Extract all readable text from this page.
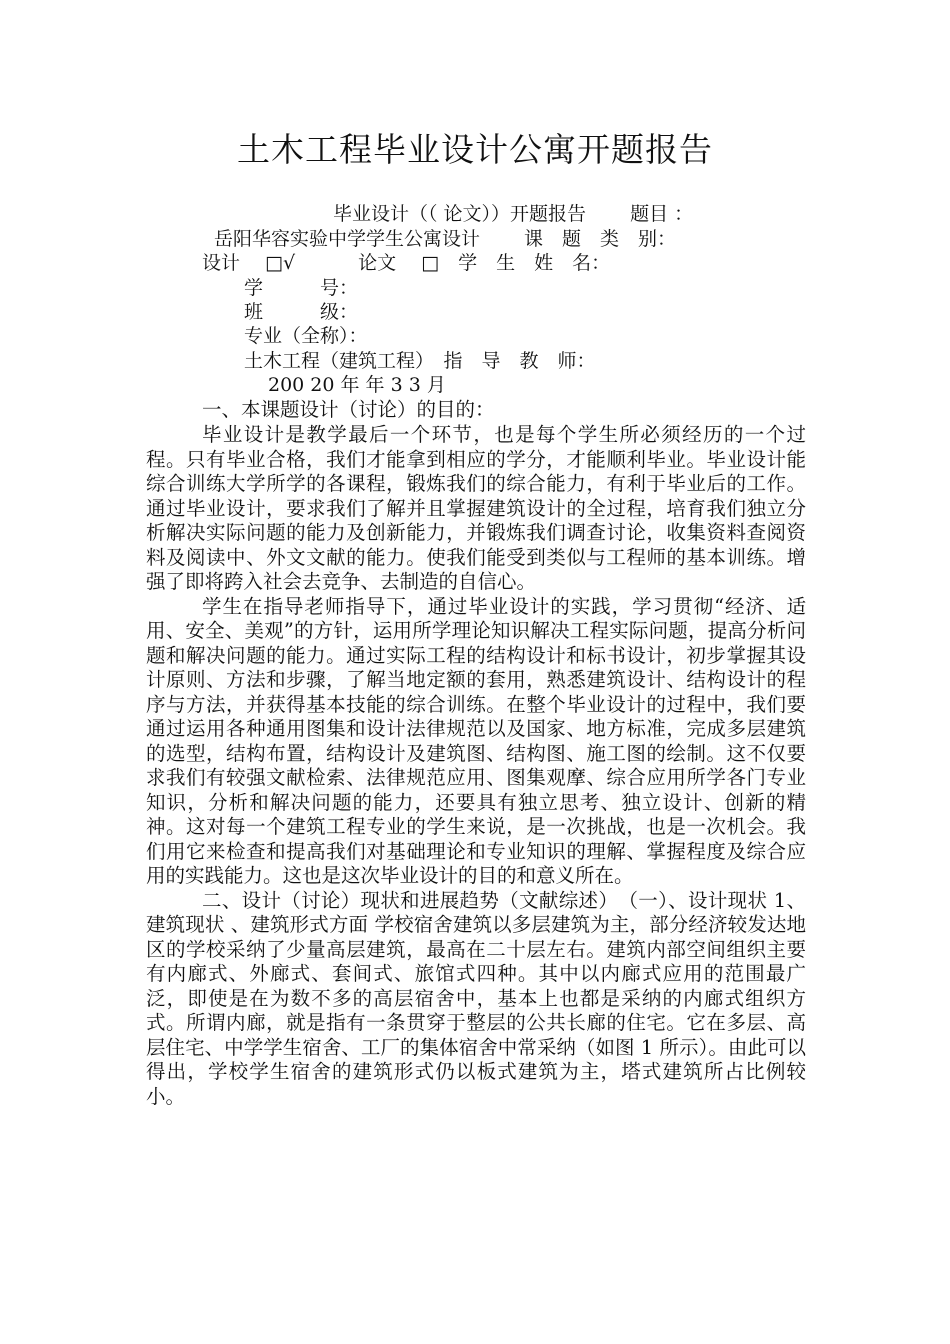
土木工程毕业设计公寓开题报告
毕业设计（（ 论文））开题报告 　　题目 ：
岳阳华容实验中学学生公寓设计 　　课　题　类　别：
设计 　□√ 　　　论文 　□　学　生　姓　名：
学　　　号：
班　　　级：
专业（全称）：
土木工程（建筑工程）　指　导　教　师：
200 20 年 年 3 3 月
一、本课题设计（讨论）的目的：

毕业设计是教学最后一个环节，也是每个学生所必须经历的一个过程。只有毕业合格，我们才能拿到相应的学分，才能顺利毕业。毕业设计能综合训练大学所学的各课程，锻炼我们的综合能力，有利于毕业后的工作。通过毕业设计，要求我们了解并且掌握建筑设计的全过程，培育我们独立分析解决实际问题的能力及创新能力，并锻炼我们调查讨论，收集资料查阅资料及阅读中、外文文献的能力。使我们能受到类似与工程师的基本训练。增强了即将跨入社会去竞争、去制造的自信心。

学生在指导老师指导下，通过毕业设计的实践，学习贯彻“经济、适用、安全、美观”的方针，运用所学理论知识解决工程实际问题，提高分析问题和解决问题的能力。通过实际工程的结构设计和标书设计，初步掌握其设计原则、方法和步骤，了解当地定额的套用，熟悉建筑设计、结构设计的程序与方法，并获得基本技能的综合训练。在整个毕业设计的过程中，我们要通过运用各种通用图集和设计法律规范以及国家、地方标准，完成多层建筑的选型，结构布置，结构设计及建筑图、结构图、施工图的绘制。这不仅要求我们有较强文献检索、法律规范应用、图集观摩、综合应用所学各门专业知识，分析和解决问题的能力，还要具有独立思考、独立设计、创新的精神。这对每一个建筑工程专业的学生来说，是一次挑战，也是一次机会。我们用它来检查和提高我们对基础理论和专业知识的理解、掌握程度及综合应用的实践能力。这也是这次毕业设计的目的和意义所在。

二、设计（讨论）现状和进展趋势（文献综述）　（一）、设计现状 1、建筑现状 、建筑形式方面 学校宿舍建筑以多层建筑为主，部分经济较发达地区的学校采纳了少量高层建筑，最高在二十层左右。建筑内部空间组织主要有内廊式、外廊式、套间式、旅馆式四种。其中以内廊式应用的范围最广泛，即使是在为数不多的高层宿舍中，基本上也都是采纳的内廊式组织方式。所谓内廊，就是指有一条贯穿于整层的公共长廊的住宅。它在多层、高层住宅、中学学生宿舍、工厂的集体宿舍中常采纳（如图 1 所示）。由此可以得出，学校学生宿舍的建筑形式仍以板式建筑为主，塔式建筑所占比例较小。
